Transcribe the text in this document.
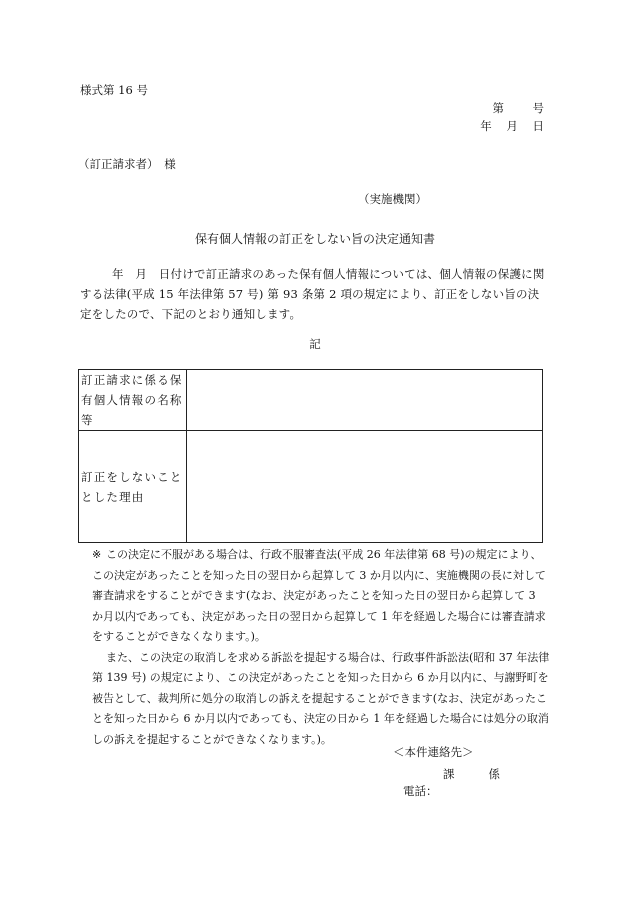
様式第 16 号
第 号
年 月 日
（訂正請求者）　様
（実施機関）
保有個人情報の訂正をしない旨の決定通知書
年　月　日付けで訂正請求のあった保有個人情報については、個人情報の保護に関する法律(平成 15 年法律第 57 号) 第 93 条第 2 項の規定により、訂正をしない旨の決定をしたので、下記のとおり通知します。
記
訂正請求に係る保有個人情報の名称等	
訂正をしないこととした理由	

※ この決定に不服がある場合は、行政不服審査法(平成 26 年法律第 68 号)の規定により、この決定があったことを知った日の翌日から起算して 3 か月以内に、実施機関の長に対して審査請求をすることができます(なお、決定があったことを知った日の翌日から起算して 3 か月以内であっても、決定があった日の翌日から起算して 1 年を経過した場合には審査請求をすることができなくなります。)。

また、この決定の取消しを求める訴訟を提起する場合は、行政事件訴訟法(昭和 37 年法律第 139 号) の規定により、この決定があったことを知った日から 6 か月以内に、与謝野町を被告として、裁判所に処分の取消しの訴えを提起することができます(なお、決定があったことを知った日から 6 か月以内であっても、決定の日から 1 年を経過した場合には処分の取消しの訴えを提起することができなくなります。)。

＜本件連絡先＞
課	係
電話：
